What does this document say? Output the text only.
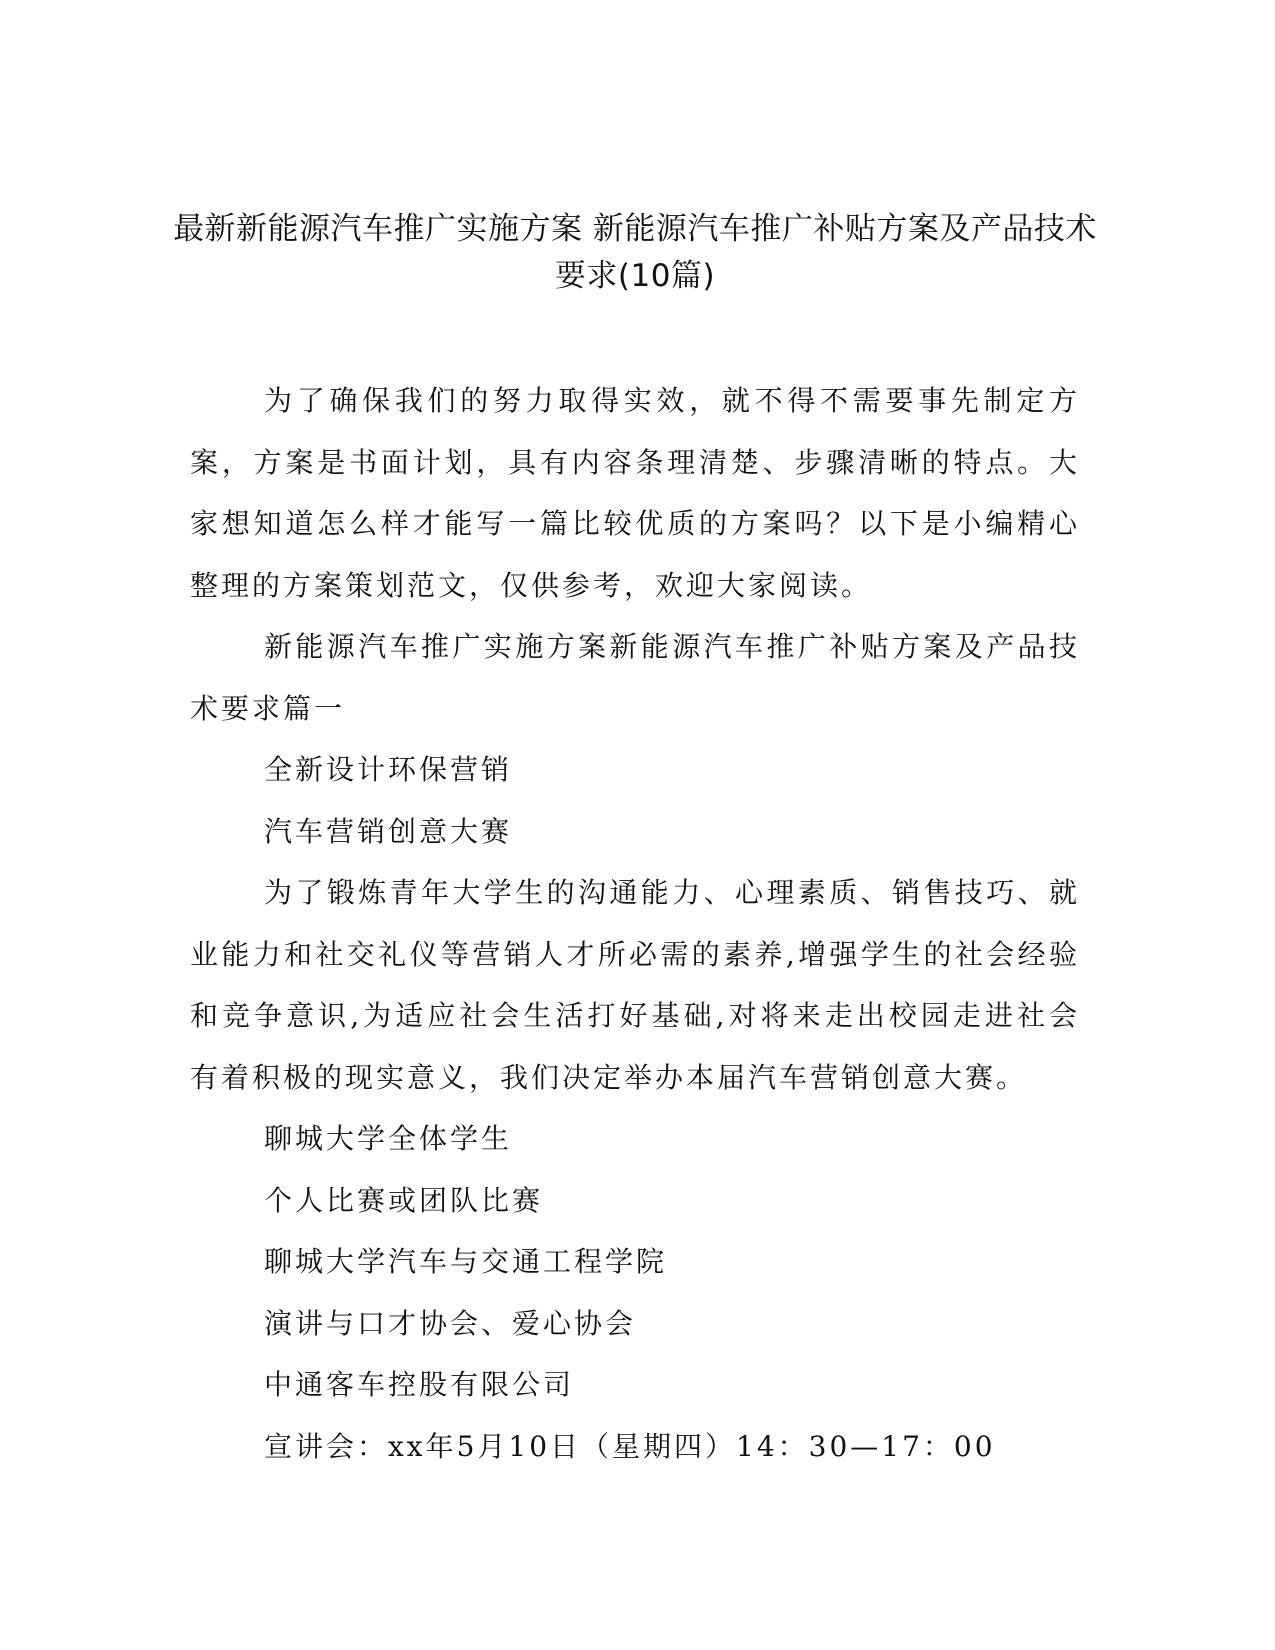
最新新能源汽车推广实施方案 新能源汽车推广补贴方案及产品技术要求(10篇)

为了确保我们的努力取得实效，就不得不需要事先制定方案，方案是书面计划，具有内容条理清楚、步骤清晰的特点。大家想知道怎么样才能写一篇比较优质的方案吗？以下是小编精心整理的方案策划范文，仅供参考，欢迎大家阅读。

新能源汽车推广实施方案新能源汽车推广补贴方案及产品技术要求篇一

全新设计环保营销

汽车营销创意大赛

为了锻炼青年大学生的沟通能力、心理素质、销售技巧、就业能力和社交礼仪等营销人才所必需的素养,增强学生的社会经验和竞争意识,为适应社会生活打好基础,对将来走出校园走进社会有着积极的现实意义，我们决定举办本届汽车营销创意大赛。

聊城大学全体学生

个人比赛或团队比赛

聊城大学汽车与交通工程学院

演讲与口才协会、爱心协会

中通客车控股有限公司

宣讲会：xx年5月10日（星期四）14：30—17：00
